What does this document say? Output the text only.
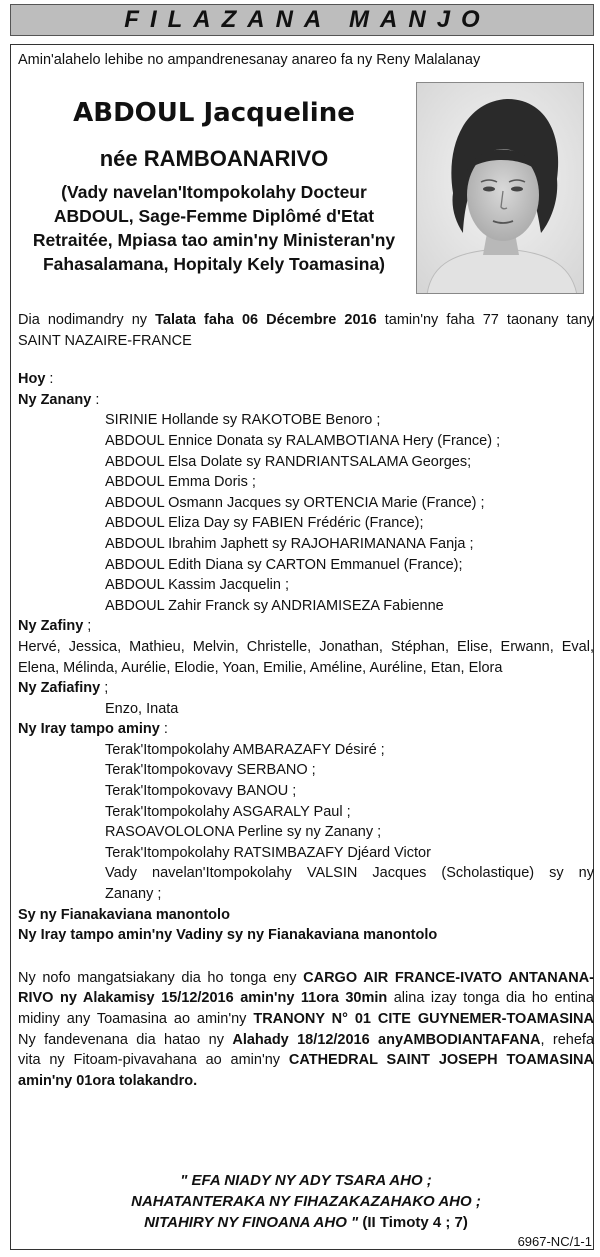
FILAZANA MANJO
Amin'alahelo lehibe no ampandrenesanay anareo fa ny Reny Malalanay
ABDOUL Jacqueline
née RAMBOANARIVO
(Vady navelan'Itompokolahy Docteur
ABDOUL, Sage-Femme Diplômé d'Etat
Retraitée, Mpiasa tao amin'ny Ministeran'ny
Fahasalamana, Hopitaly Kely Toamasina)
Dia nodimandry ny Talata faha 06 Décembre 2016 tamin'ny faha 77 taonany tany
SAINT NAZAIRE-FRANCE
Hoy :
Ny Zanany :
SIRINIE Hollande sy RAKOTOBE Benoro ;
ABDOUL Ennice Donata sy RALAMBOTIANA Hery (France) ;
ABDOUL Elsa Dolate sy RANDRIANTSALAMA Georges;
ABDOUL Emma Doris ;
ABDOUL Osmann Jacques sy ORTENCIA Marie (France) ;
ABDOUL Eliza Day sy FABIEN Frédéric (France);
ABDOUL Ibrahim Japhett sy RAJOHARIMANANA Fanja ;
ABDOUL Edith Diana sy CARTON Emmanuel (France);
ABDOUL Kassim Jacquelin ;
ABDOUL Zahir Franck sy ANDRIAMISEZA Fabienne
Ny Zafiny ;
Hervé, Jessica, Mathieu, Melvin, Christelle, Jonathan, Stéphan, Elise, Erwann, Eval,
Elena, Mélinda, Aurélie, Elodie, Yoan, Emilie, Améline, Auréline, Etan, Elora
Ny Zafiafiny ;
Enzo, Inata
Ny Iray tampo aminy :
Terak'Itompokolahy AMBARAZAFY Désiré ;
Terak'Itompokovavy SERBANO ;
Terak'Itompokovavy BANOU ;
Terak'Itompokolahy ASGARALY Paul ;
RASOAVOLOLONA Perline sy ny Zanany ;
Terak'Itompokolahy RATSIMBAZAFY Djéard Victor
Vady navelan'Itompokolahy VALSIN Jacques (Scholastique) sy ny
Zanany ;
Sy ny Fianakaviana manontolo
Ny Iray tampo amin'ny Vadiny sy ny Fianakaviana manontolo
Ny nofo mangatsiakany dia ho tonga eny CARGO AIR FRANCE-IVATO ANTANANA-
RIVO ny Alakamisy 15/12/2016 amin'ny 11ora 30min alina izay tonga dia ho entina
midiny any Toamasina ao amin'ny TRANONY N° 01 CITE GUYNEMER-TOAMASINA
Ny fandevenana dia hatao ny Alahady 18/12/2016 anyAMBODIANTAFANA, rehefa
vita ny Fitoam-pivavahana ao amin'ny CATHEDRAL SAINT JOSEPH TOAMASINA
amin'ny 01ora tolakandro.
" EFA NIADY NY ADY TSARA AHO ;
NAHATANTERAKA NY FIHAZAKAZAHAKO AHO ;
NITAHIRY NY FINOANA AHO " (II Timoty 4 ; 7)
6967-NC/1-1
